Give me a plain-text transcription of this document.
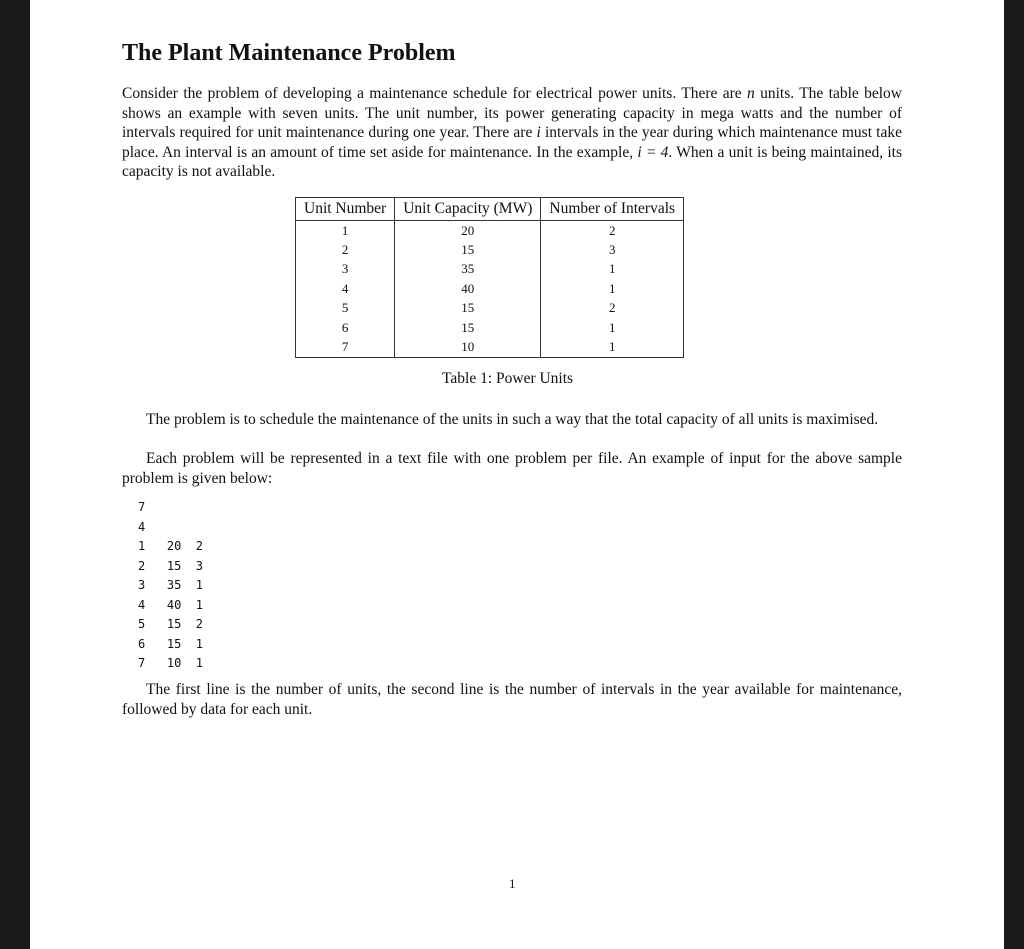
The Plant Maintenance Problem

Consider the problem of developing a maintenance schedule for electrical power units. There are n units. The table below shows an example with seven units. The unit number, its power generating capacity in mega watts and the number of intervals required for unit maintenance during one year. There are i intervals in the year during which maintenance must take place. An interval is an amount of time set aside for maintenance. In the example, i = 4. When a unit is being maintained, its capacity is not available.

Unit Number	Unit Capacity (MW)	Number of Intervals
1	20	2
2	15	3
3	35	1
4	40	1
5	15	2
6	15	1
7	10	1
Table 1: Power Units

The problem is to schedule the maintenance of the units in such a way that the total capacity of all units is maximised.

Each problem will be represented in a text file with one problem per file. An example of input for the above sample problem is given below:

7
4
1   20  2
2   15  3
3   35  1
4   40  1
5   15  2
6   15  1
7   10  1

The first line is the number of units, the second line is the number of intervals in the year available for maintenance, followed by data for each unit.

1
